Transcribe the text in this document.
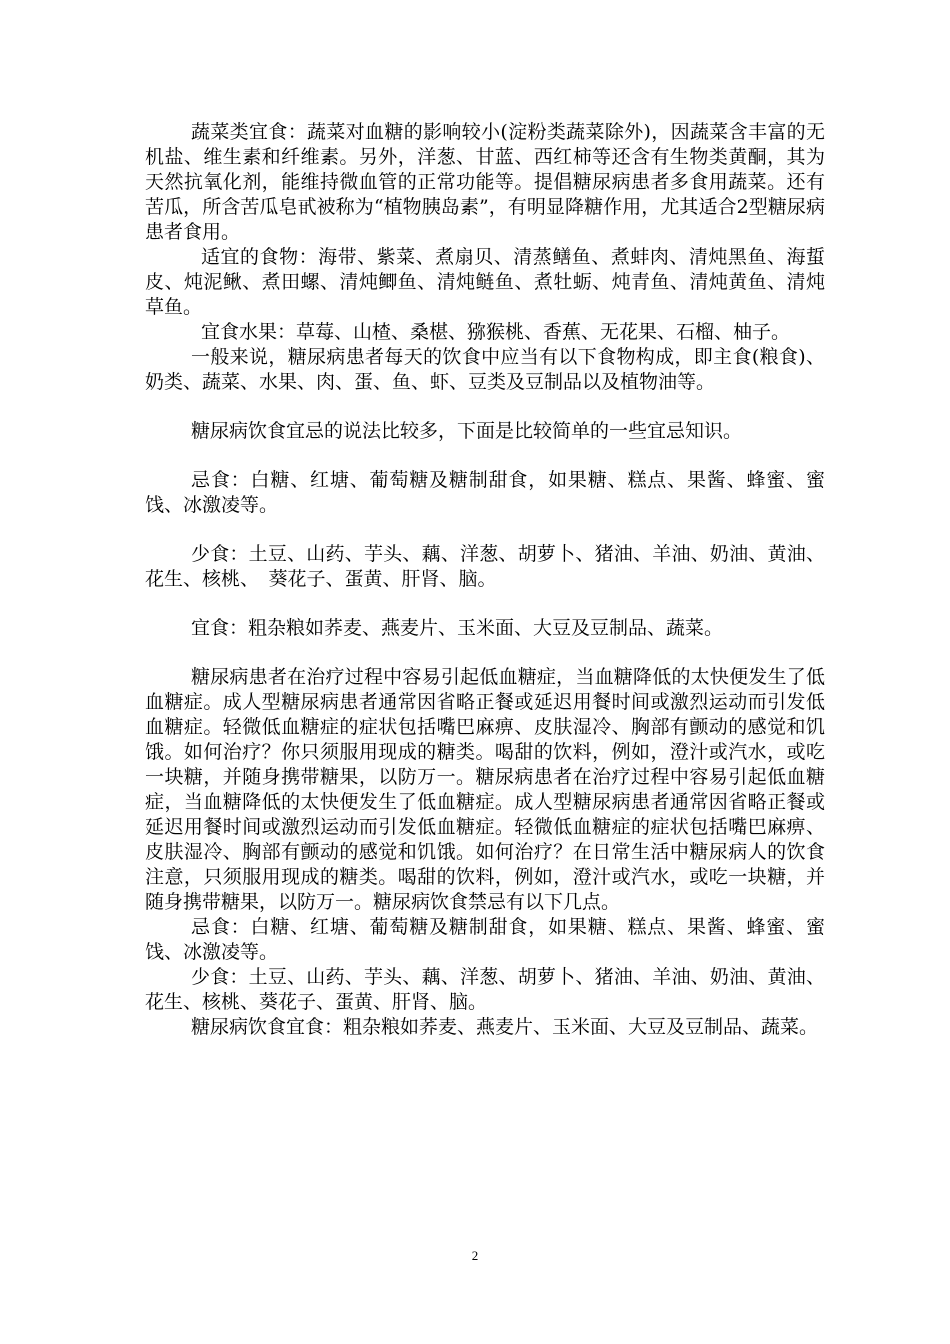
蔬菜类宜食：蔬菜对血糖的影响较小(淀粉类蔬菜除外)，因蔬菜含丰富的无机盐、维生素和纤维素。另外，洋葱、甘蓝、西红柿等还含有生物类黄酮，其为天然抗氧化剂，能维持微血管的正常功能等。提倡糖尿病患者多食用蔬菜。还有苦瓜，所含苦瓜皂甙被称为“植物胰岛素”，有明显降糖作用，尤其适合2型糖尿病患者食用。

适宜的食物：海带、紫菜、煮扇贝、清蒸鳝鱼、煮蚌肉、清炖黑鱼、海蜇皮、炖泥鳅、煮田螺、清炖鲫鱼、清炖鲢鱼、煮牡蛎、炖青鱼、清炖黄鱼、清炖草鱼。

宜食水果：草莓、山楂、桑椹、猕猴桃、香蕉、无花果、石榴、柚子。

一般来说，糖尿病患者每天的饮食中应当有以下食物构成，即主食(粮食)、奶类、蔬菜、水果、肉、蛋、鱼、虾、豆类及豆制品以及植物油等。

糖尿病饮食宜忌的说法比较多，下面是比较简单的一些宜忌知识。

忌食：白糖、红塘、葡萄糖及糖制甜食，如果糖、糕点、果酱、蜂蜜、蜜饯、冰激凌等。

少食：土豆、山药、芋头、藕、洋葱、胡萝卜、猪油、羊油、奶油、黄油、花生、核桃、　葵花子、蛋黄、肝肾、脑。

宜食：粗杂粮如荞麦、燕麦片、玉米面、大豆及豆制品、蔬菜。

糖尿病患者在治疗过程中容易引起低血糖症，当血糖降低的太快便发生了低血糖症。成人型糖尿病患者通常因省略正餐或延迟用餐时间或激烈运动而引发低血糖症。轻微低血糖症的症状包括嘴巴麻痹、皮肤湿冷、胸部有颤动的感觉和饥饿。如何治疗？你只须服用现成的糖类。喝甜的饮料，例如，澄汁或汽水，或吃一块糖，并随身携带糖果，以防万一。糖尿病患者在治疗过程中容易引起低血糖症，当血糖降低的太快便发生了低血糖症。成人型糖尿病患者通常因省略正餐或延迟用餐时间或激烈运动而引发低血糖症。轻微低血糖症的症状包括嘴巴麻痹、皮肤湿冷、胸部有颤动的感觉和饥饿。如何治疗？在日常生活中糖尿病人的饮食注意，只须服用现成的糖类。喝甜的饮料，例如，澄汁或汽水，或吃一块糖，并随身携带糖果，以防万一。糖尿病饮食禁忌有以下几点。

忌食：白糖、红塘、葡萄糖及糖制甜食，如果糖、糕点、果酱、蜂蜜、蜜饯、冰激凌等。

少食：土豆、山药、芋头、藕、洋葱、胡萝卜、猪油、羊油、奶油、黄油、花生、核桃、葵花子、蛋黄、肝肾、脑。

糖尿病饮食宜食：粗杂粮如荞麦、燕麦片、玉米面、大豆及豆制品、蔬菜。

2
